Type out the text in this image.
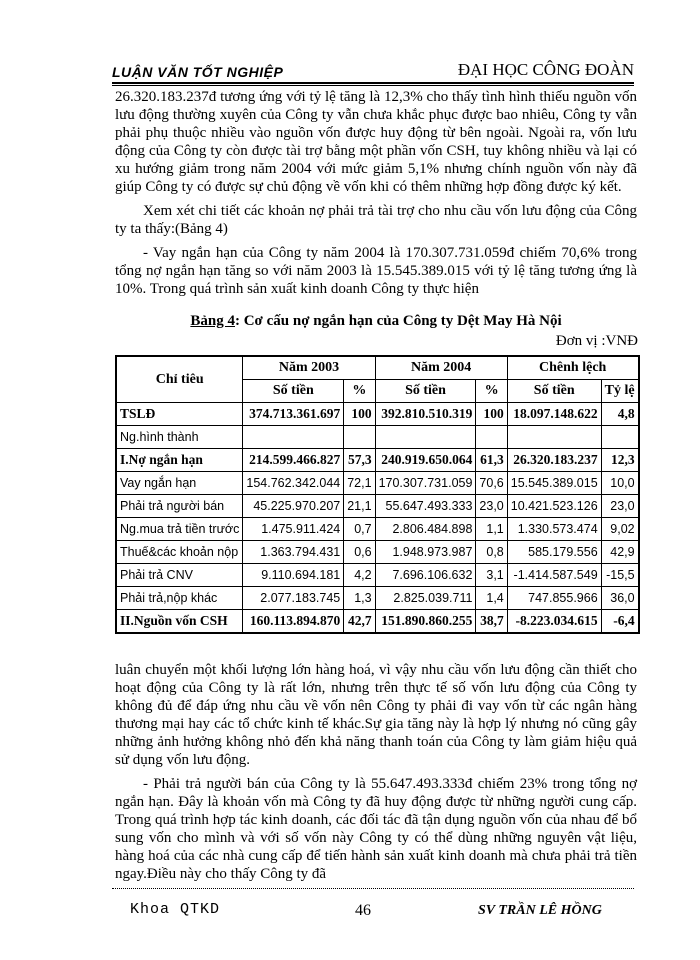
LUẬN VĂN TỐT NGHIỆP	ĐẠI HỌC CÔNG ĐOÀN

26.320.183.237đ tương ứng với tỷ lệ tăng là 12,3% cho thấy tình hình thiếu nguồn vốn lưu động thường xuyên của Công ty vẫn chưa khắc phục được bao nhiêu, Công ty vẫn phải phụ thuộc nhiều vào nguồn vốn được huy động từ bên ngoài. Ngoài ra, vốn lưu động của Công ty còn được tài trợ bằng một phần vốn CSH, tuy không nhiều và lại có xu hướng giảm trong năm 2004 với mức giảm 5,1% nhưng chính nguồn vốn này đã giúp Công ty có được sự chủ động về vốn khi có thêm những hợp đồng được ký kết.

Xem xét chi tiết các khoản nợ phải trả tài trợ cho nhu cầu vốn lưu động của Công ty ta thấy:(Bảng 4)

- Vay ngắn hạn của Công ty năm 2004 là 170.307.731.059đ chiếm 70,6% trong tổng nợ ngắn hạn tăng so với năm 2003 là 15.545.389.015 với tỷ lệ tăng tương ứng là 10%. Trong quá trình sản xuất kinh doanh Công ty thực hiện

Bảng 4: Cơ cấu nợ ngắn hạn của Công ty Dệt May Hà Nội
Đơn vị :VNĐ
Chỉ tiêu	Năm 2003		Năm 2004		Chênh lệch	
	Số tiền	%	Số tiền	%	Số tiền	Tỷ lệ
TSLĐ	374.713.361.697	100	392.810.510.319	100	18.097.148.622	4,8
Ng.hình thành						
I.Nợ ngắn hạn	214.599.466.827	57,3	240.919.650.064	61,3	26.320.183.237	12,3
Vay ngắn hạn	154.762.342.044	72,1	170.307.731.059	70,6	15.545.389.015	10,0
Phải trả người bán	45.225.970.207	21,1	55.647.493.333	23,0	10.421.523.126	23,0
Ng.mua trả tiền trước	1.475.911.424	0,7	2.806.484.898	1,1	1.330.573.474	9,02
Thuế&các khoản nộp	1.363.794.431	0,6	1.948.973.987	0,8	585.179.556	42,9
Phải trả CNV	9.110.694.181	4,2	7.696.106.632	3,1	-1.414.587.549	-15,5
Phải trả,nộp khác	2.077.183.745	1,3	2.825.039.711	1,4	747.855.966	36,0
II.Nguồn vốn CSH	160.113.894.870	42,7	151.890.860.255	38,7	-8.223.034.615	-6,4

luân chuyển một khối lượng lớn hàng hoá, vì vậy nhu cầu vốn lưu động cần thiết cho hoạt động của Công ty là rất lớn, nhưng trên thực tế số vốn lưu động của Công ty không đủ để đáp ứng nhu cầu về vốn nên Công ty phải đi vay vốn từ các ngân hàng thương mại hay các tổ chức kinh tế khác.Sự gia tăng này là hợp lý nhưng nó cũng gây những ảnh hưởng không nhỏ đến khả năng thanh toán của Công ty làm giảm hiệu quả sử dụng vốn lưu động.

- Phải trả người bán của Công ty là 55.647.493.333đ chiếm 23% trong tổng nợ ngắn hạn. Đây là khoản vốn mà Công ty đã huy động được từ những người cung cấp. Trong quá trình hợp tác kinh doanh, các đối tác đã tận dụng nguồn vốn của nhau để bổ sung vốn cho mình và với số vốn này Công ty có thể dùng những nguyên vật liệu, hàng hoá của các nhà cung cấp để tiến hành sản xuất kinh doanh mà chưa phải trả tiền ngay.Điều này cho thấy Công ty đã

Khoa QTKD	46	SV TRẦN LÊ HỒNG
